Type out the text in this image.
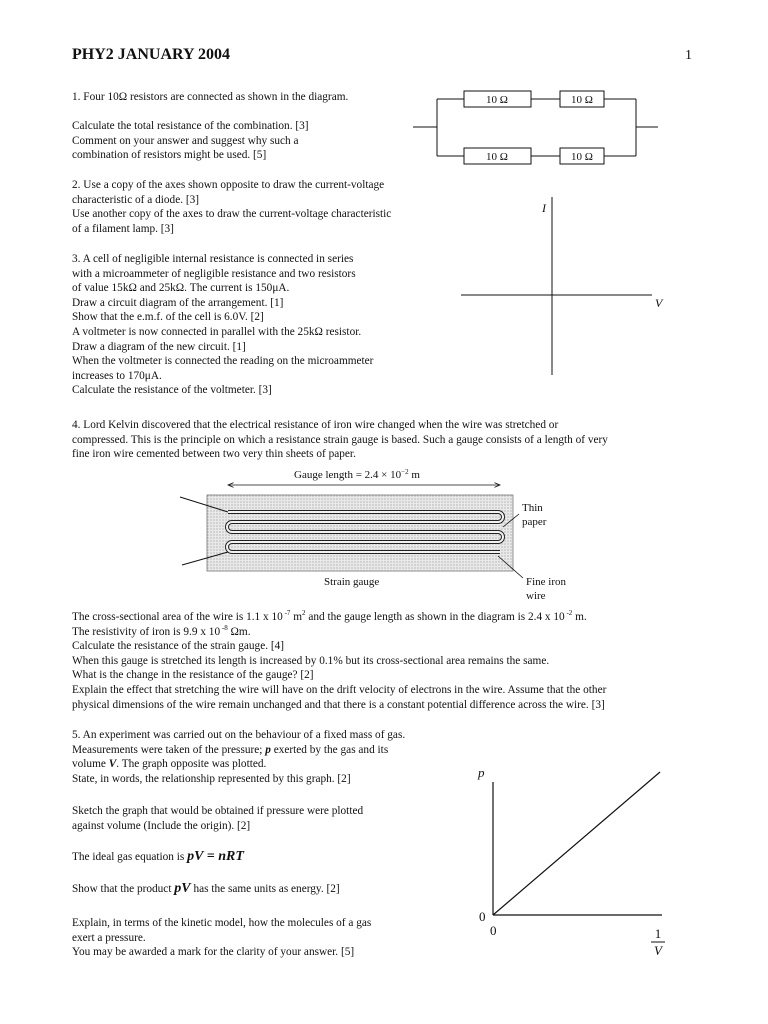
PHY2 JANUARY 2004	1

1. Four 10Ω resistors are connected as shown in the diagram.

Calculate the total resistance of the combination. [3]

Comment on your answer and suggest why such a

combination of resistors might be used. [5]

2. Use a copy of the axes shown opposite to draw the current-voltage

characteristic of a diode. [3]

Use another copy of the axes to draw the current-voltage characteristic

of a filament lamp. [3]

3. A cell of negligible internal resistance is connected in series

with a microammeter of negligible resistance and two resistors

of value 15kΩ and 25kΩ. The current is 150μA.

Draw a circuit diagram of the arrangement. [1]

Show that the e.m.f. of the cell is 6.0V. [2]

A voltmeter is now connected in parallel with the 25kΩ resistor.

Draw a diagram of the new circuit. [1]

When the voltmeter is connected the reading on the microammeter

increases to 170μA.

Calculate the resistance of the voltmeter. [3]

4. Lord Kelvin discovered that the electrical resistance of iron wire changed when the wire was stretched or

compressed. This is the principle on which a resistance strain gauge is based. Such a gauge consists of a length of very

fine iron wire cemented between two very thin sheets of paper.

The cross-sectional area of the wire is 1.1 x 10 $^{-7}$ $m^2$ and the gauge length as shown in the diagram is 2.4 x 10 $^{-2}$ m.

The resistivity of iron is 9.9 x 10 $^{-8}$ Ωm.

Calculate the resistance of the strain gauge. [4]

When this gauge is stretched its length is increased by 0.1% but its cross-sectional area remains the same.

What is the change in the resistance of the gauge? [2]

Explain the effect that stretching the wire will have on the drift velocity of electrons in the wire. Assume that the other

physical dimensions of the wire remain unchanged and that there is a constant potential difference across the wire. [3]

5. An experiment was carried out on the behaviour of a fixed mass of gas.

Measurements were taken of the pressure; p exerted by the gas and its

volume V. The graph opposite was plotted.

State, in words, the relationship represented by this graph. [2]

Sketch the graph that would be obtained if pressure were plotted

against volume (Include the origin). [2]

The ideal gas equation is pV = nRT

Show that the product pV has the same units as energy. [2]

Explain, in terms of the kinetic model, how the molecules of a gas

exert a pressure.

You may be awarded a mark for the clarity of your answer. [5]

10 Ω	10 Ω
10 Ω	10 Ω
I
V
Gauge length = $2.4 \times 10^{-2}$ m
Thin
paper
Strain gauge	Fine iron
wire
p
0
0	1
V
